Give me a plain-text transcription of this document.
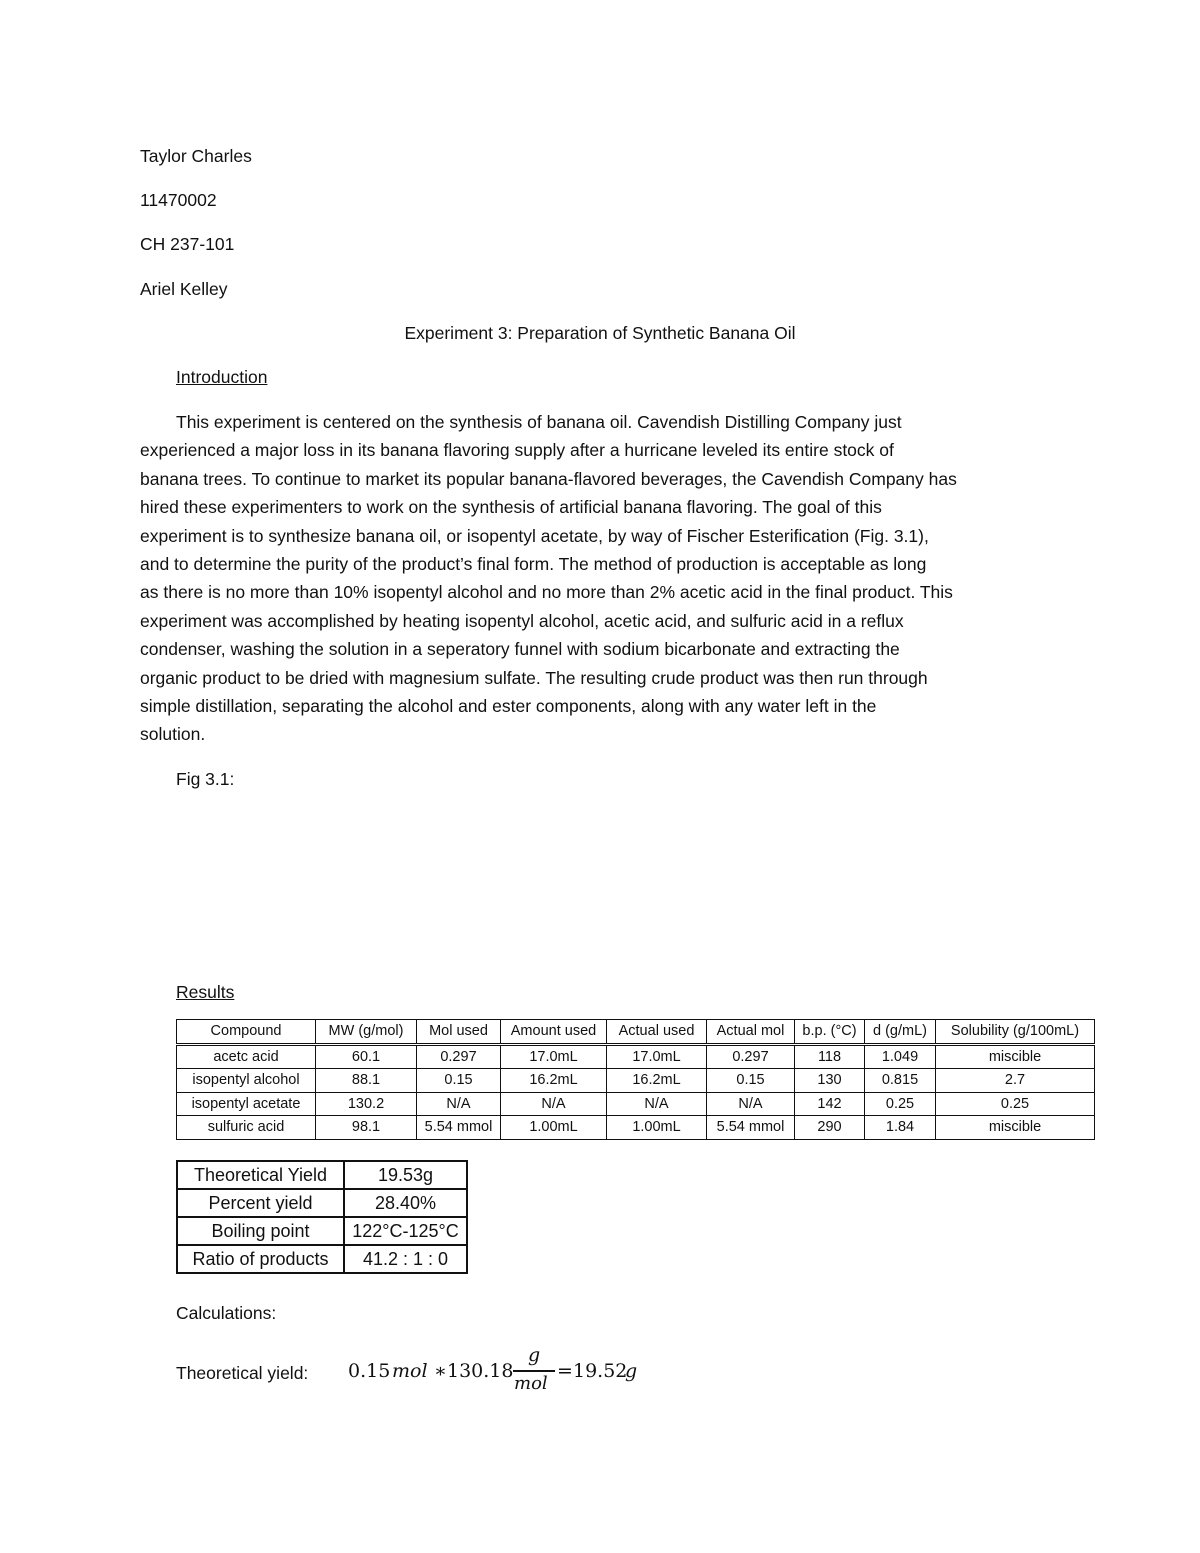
Taylor Charles
11470002
CH 237-101
Ariel Kelley
Experiment 3: Preparation of Synthetic Banana Oil
Introduction
This experiment is centered on the synthesis of banana oil. Cavendish Distilling Company just
experienced a major loss in its banana flavoring supply after a hurricane leveled its entire stock of
banana trees. To continue to market its popular banana-flavored beverages, the Cavendish Company has
hired these experimenters to work on the synthesis of artificial banana flavoring. The goal of this
experiment is to synthesize banana oil, or isopentyl acetate, by way of Fischer Esterification (Fig. 3.1),
and to determine the purity of the product’s final form. The method of production is acceptable as long
as there is no more than 10% isopentyl alcohol and no more than 2% acetic acid in the final product. This
experiment was accomplished by heating isopentyl alcohol, acetic acid, and sulfuric acid in a reflux
condenser, washing the solution in a seperatory funnel with sodium bicarbonate and extracting the
organic product to be dried with magnesium sulfate. The resulting crude product was then run through
simple distillation, separating the alcohol and ester components, along with any water left in the
solution.
Fig 3.1:
Results
Compound	MW (g/mol)	Mol used	Amount used	Actual used	Actual mol	b.p. (°C)	d (g/mL)	Solubility (g/100mL)
acetc acid	60.1	0.297	17.0mL	17.0mL	0.297	118	1.049	miscible
isopentyl alcohol	88.1	0.15	16.2mL	16.2mL	0.15	130	0.815	2.7
isopentyl acetate	130.2	N/A	N/A	N/A	N/A	142	0.25	0.25
sulfuric acid	98.1	5.54 mmol	1.00mL	1.00mL	5.54 mmol	290	1.84	miscible
Theoretical Yield	19.53g
Percent yield	28.40%
Boiling point	122°C-125°C
Ratio of products	41.2 : 1 : 0
Calculations:
Theoretical yield: 0.15 mol ∗ 130.18
g
mol
= 19.52
g
